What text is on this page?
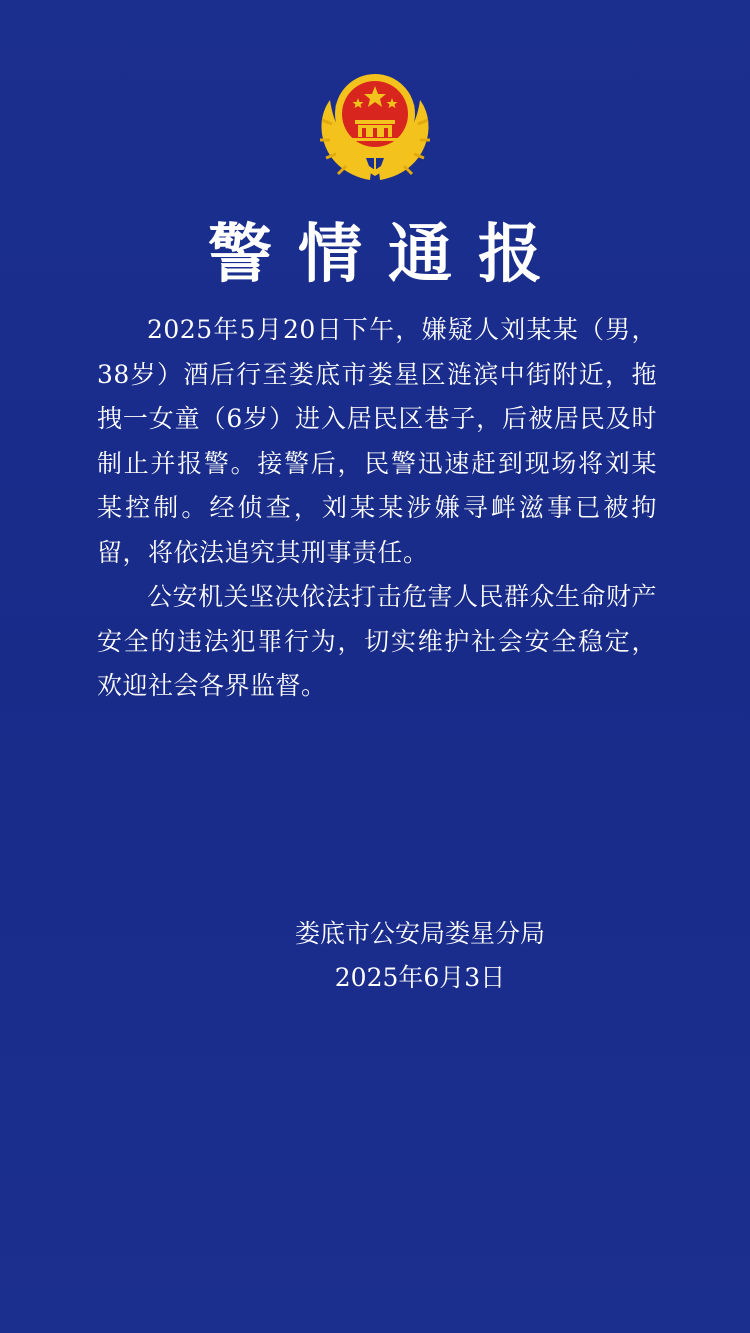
警情通报

2025年5月20日下午，嫌疑人刘某某（男，38岁）酒后行至娄底市娄星区涟滨中街附近，拖拽一女童（6岁）进入居民区巷子，后被居民及时制止并报警。接警后，民警迅速赶到现场将刘某某控制。经侦查，刘某某涉嫌寻衅滋事已被拘留，将依法追究其刑事责任。

公安机关坚决依法打击危害人民群众生命财产安全的违法犯罪行为，切实维护社会安全稳定，欢迎社会各界监督。

娄底市公安局娄星分局
2025年6月3日
